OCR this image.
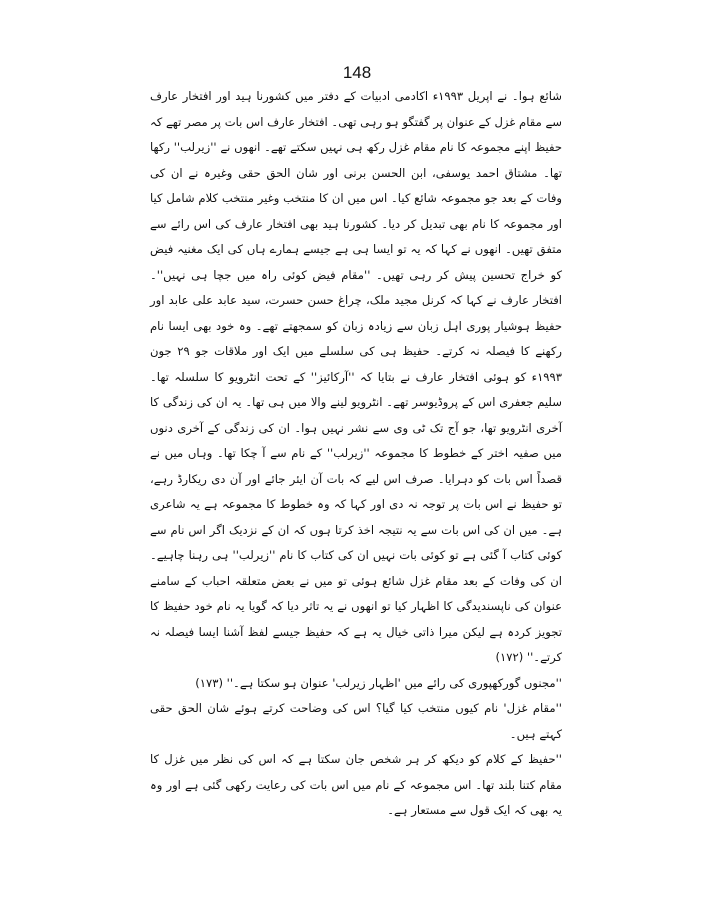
148

شائع ہوا۔ نے اپریل ۱۹۹۳ء اکادمی ادبیات کے دفتر میں کشورنا ہید اور افتخار عارف سے مقام غزل کے عنوان پر گفتگو ہو رہی تھی۔ افتخار عارف اس بات پر مصر تھے کہ حفیظ اپنے مجموعہ کا نام مقام غزل رکھ ہی نہیں سکتے تھے۔ انھوں نے ''زیرلب'' رکھا تھا۔ مشتاق احمد یوسفی، ابن الحسن برنی اور شان الحق حقی وغیرہ نے ان کی وفات کے بعد جو مجموعہ شائع کیا۔ اس میں ان کا منتخب وغیر منتخب کلام شامل کیا اور مجموعہ کا نام بھی تبدیل کر دیا۔ کشورنا ہید بھی افتخار عارف کی اس رائے سے متفق تھیں۔ انھوں نے کہا کہ یہ تو ایسا ہی ہے جیسے ہمارے ہاں کی ایک مغنیہ فیض کو خراج تحسین پیش کر رہی تھیں۔ ''مقام فیض کوئی راہ میں جچا ہی نہیں''۔ افتخار عارف نے کہا کہ کرنل مجید ملک، چراغ حسن حسرت، سید عابد علی عابد اور حفیظ ہوشیار پوری اہل زبان سے زیادہ زبان کو سمجھتے تھے۔ وہ خود بھی ایسا نام رکھنے کا فیصلہ نہ کرتے۔ حفیظ ہی کی سلسلے میں ایک اور ملاقات جو ۲۹ جون ۱۹۹۳ء کو ہوئی افتخار عارف نے بتایا کہ ''آرکائیز'' کے تحت انٹرویو کا سلسلہ تھا۔ سلیم جعفری اس کے پروڈیوسر تھے۔ انٹرویو لینے والا میں ہی تھا۔ یہ ان کی زندگی کا آخری انٹرویو تھا، جو آج تک ٹی وی سے نشر نہیں ہوا۔ ان کی زندگی کے آخری دنوں میں صفیہ اختر کے خطوط کا مجموعہ ''زیرلب'' کے نام سے آ چکا تھا۔ وہاں میں نے قصداً اس بات کو دہرایا۔ صرف اس لیے کہ بات آن ایئر جائے اور آن دی ریکارڈ رہے، تو حفیظ نے اس بات پر توجہ نہ دی اور کہا کہ وہ خطوط کا مجموعہ ہے یہ شاعری ہے۔ میں ان کی اس بات سے یہ نتیجہ اخذ کرتا ہوں کہ ان کے نزدیک اگر اس نام سے کوئی کتاب آ گئی ہے تو کوئی بات نہیں ان کی کتاب کا نام ''زیرلب'' ہی رہنا چاہیے۔ ان کی وفات کے بعد مقام غزل شائع ہوئی تو میں نے بعض متعلقہ احباب کے سامنے عنوان کی ناپسندیدگی کا اظہار کیا تو انھوں نے یہ تاثر دیا کہ گویا یہ نام خود حفیظ کا تجویز کردہ ہے لیکن میرا ذاتی خیال یہ ہے کہ حفیظ جیسے لفظ آشنا ایسا فیصلہ نہ کرتے۔'' (۱۷۲)

''مجنوں گورکھپوری کی رائے میں 'اظہار زیرلب' عنوان ہو سکتا ہے۔'' (۱۷۳)

''مقام غزل' نام کیوں منتخب کیا گیا؟ اس کی وضاحت کرتے ہوئے شان الحق حقی کہتے ہیں۔

''حفیظ کے کلام کو دیکھ کر ہر شخص جان سکتا ہے کہ اس کی نظر میں غزل کا مقام کتنا بلند تھا۔ اس مجموعہ کے نام میں اس بات کی رعایت رکھی گئی ہے اور وہ یہ بھی کہ ایک قول سے مستعار ہے۔
